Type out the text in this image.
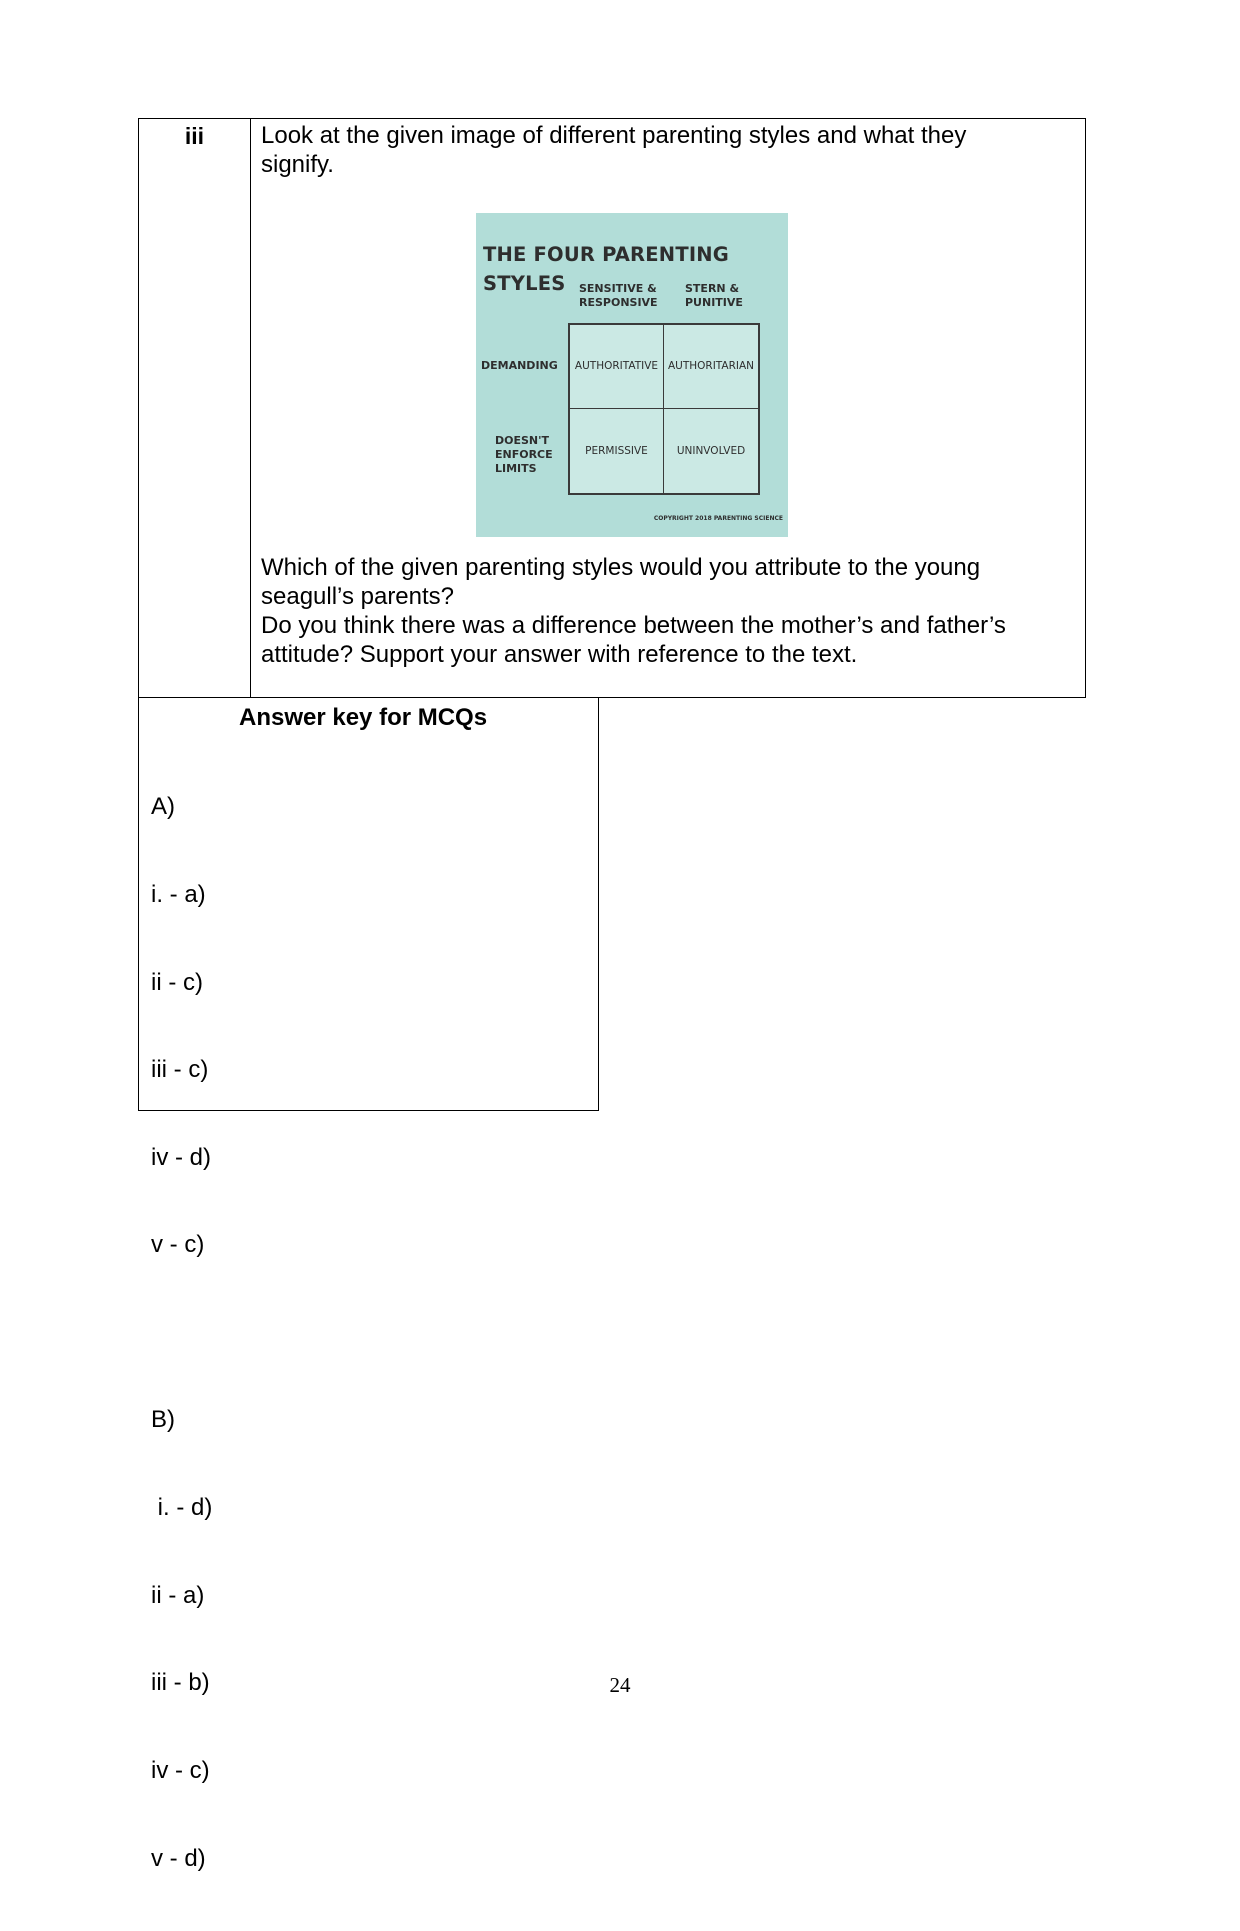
iii	Look at the given image of different parenting styles and what they signify.
THE FOUR PARENTING STYLES	SENSITIVE &
RESPONSIVE
STERN &
PUNITIVE
DEMANDING
DOESN'T
ENFORCE
LIMITS
AUTHORITATIVE AUTHORITARIAN
PERMISSIVE	UNINVOLVED
COPYRIGHT 2018 PARENTING SCIENCE
Which of the given parenting styles would you attribute to the young seagull’s parents?
Do you think there was a difference between the mother’s and father’s attitude? Support your answer with reference to the text.
Answer key for MCQs

A)

i. - a)

ii - c)

iii - c)

iv - d)

v - c)

B)

i. - d)

ii - a)

iii - b)

iv - c)

v - d)

24
